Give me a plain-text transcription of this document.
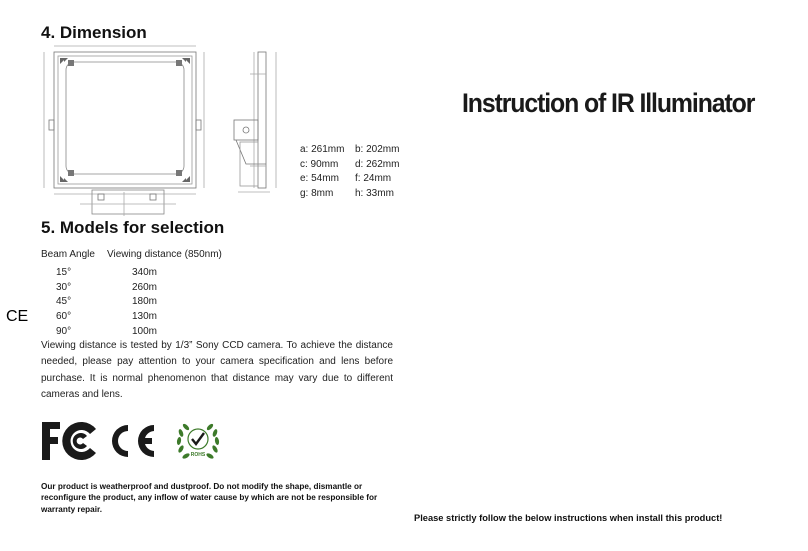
4. Dimension
a: 261mm	b: 202mm
c: 90mm	d: 262mm
e: 54mm	f: 24mm
g: 8mm	h: 33mm
5. Models for selection
Beam Angle	Viewing distance (850nm)
15°	340m
30°	260m
45°	180m
60°	130m
90°	100m
Viewing distance is tested by 1/3” Sony CCD camera. To achieve the distance needed, please pay attention to your camera specification and lens before purchase. It is normal phenomenon that distance may vary due to different cameras and lens.
CE
ROHS
Our product is weatherproof and dustproof. Do not modify the shape, dismantle or reconfigure the product, any inflow of water cause by which are not be responsible for warranty repair.
Instruction of IR Illuminator
Please strictly follow the below instructions when install this product!
